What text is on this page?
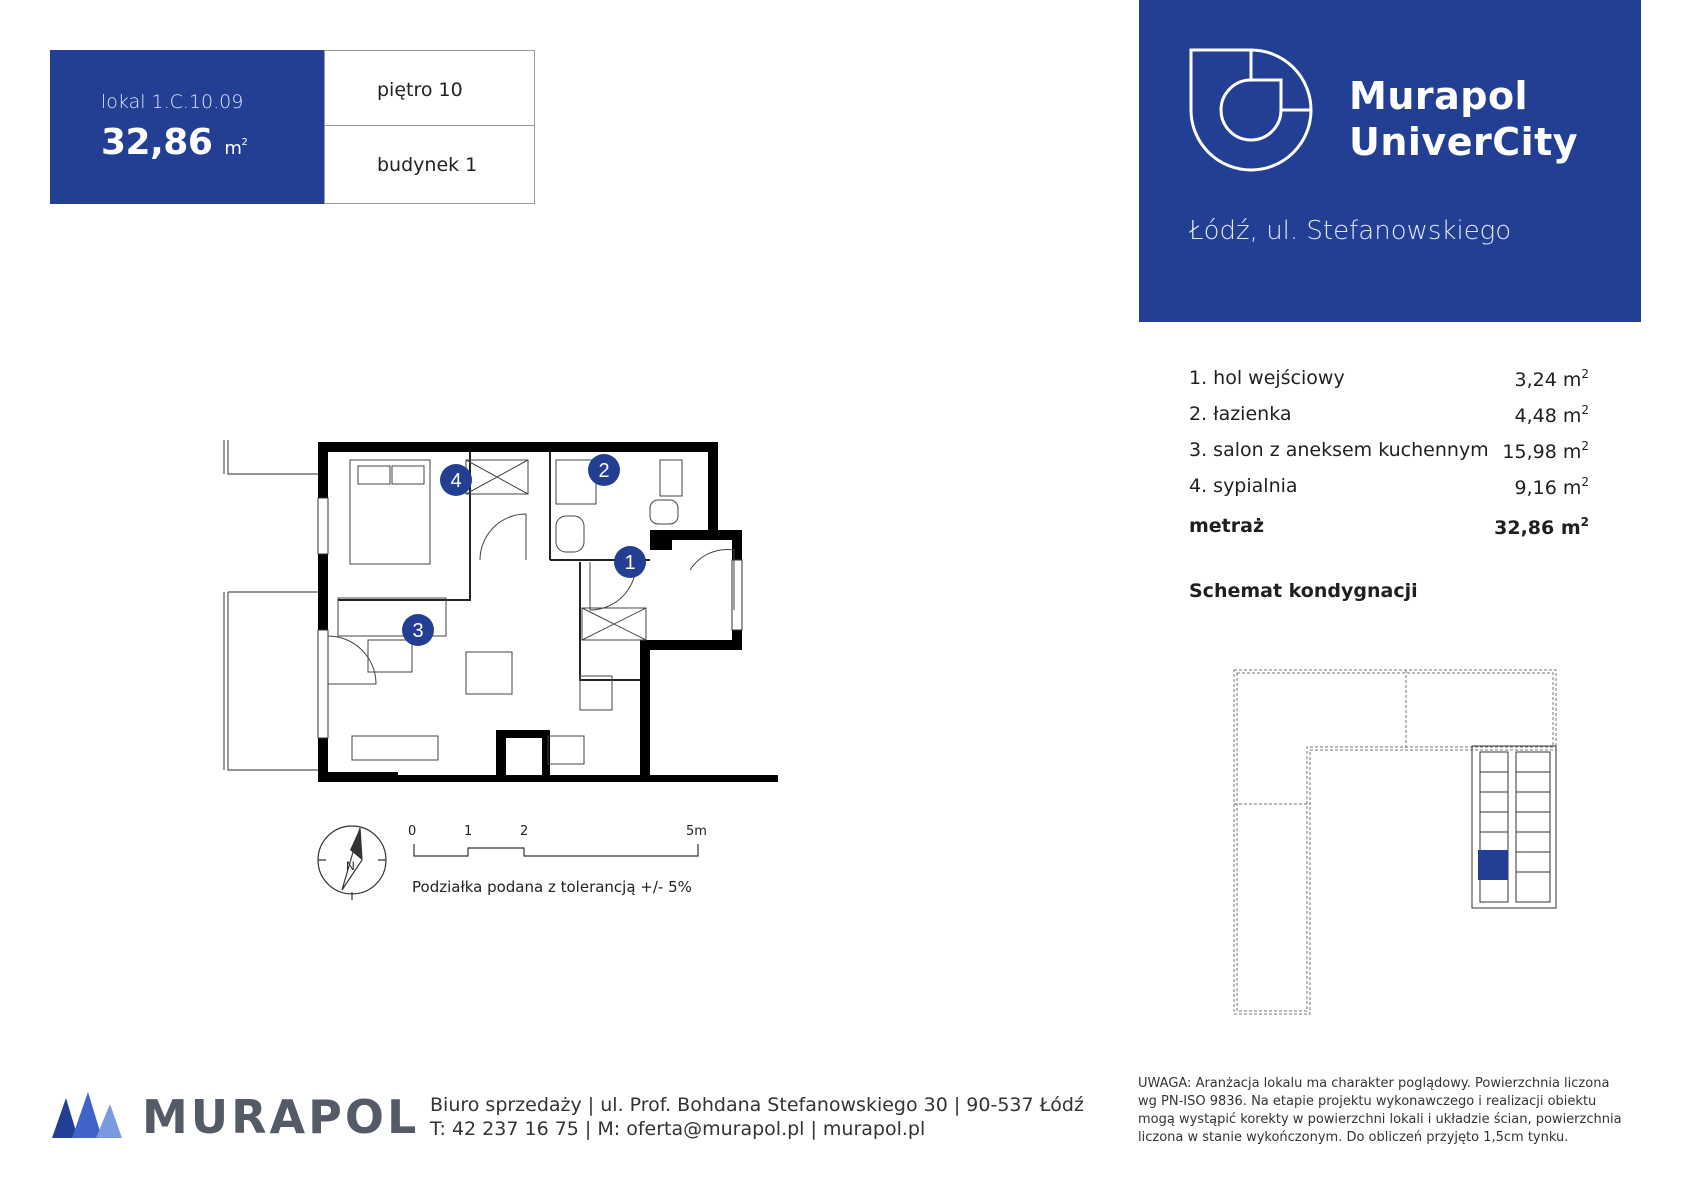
lokal 1.C.10.09
32,86 $m^2$
piętro 10
budynek 1
Murapol
UniverCity
Łódź, ul. Stefanowskiego
1. hol wejściowy	3,24 $m^2$
2. łazienka	4,48 $m^2$
3. salon z aneksem kuchennym 15,98 $m^2$
4. sypialnia	9,16 $m^2$
metraż	32,86 $m^2$
Schemat kondygnacji
1
2
3
4
N
0	1	2	5m
Podziałka podana z tolerancją +/- 5%
MURAPOL Biuro sprzedaży | ul. Prof. Bohdana Stefanowskiego 30 | 90-537 Łódź
T: 42 237 16 75 | M: oferta@murapol.pl | murapol.pl
UWAGA: Aranżacja lokalu ma charakter poglądowy. Powierzchnia liczona wg PN-ISO 9836. Na etapie projektu wykonawczego i realizacji obiektu mogą wystąpić korekty w powierzchni lokali i układzie ścian, powierzchnia liczona w stanie wykończonym. Do obliczeń przyjęto 1,5cm tynku.
